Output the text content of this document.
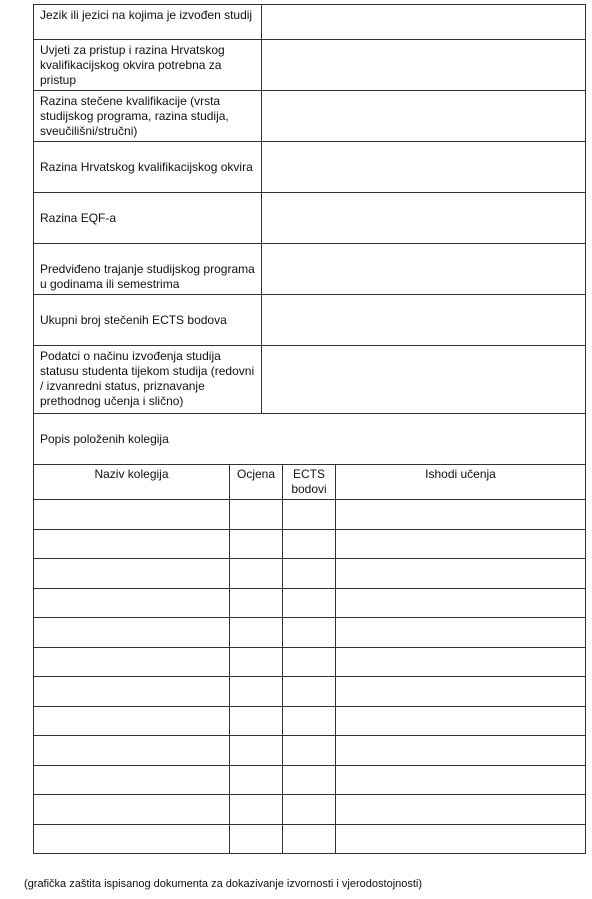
Jezik ili jezici na kojima je izvođen studij
Uvjeti za pristup i razina Hrvatskog kvalifikacijskog okvira potrebna za pristup
Razina stečene kvalifikacije (vrsta studijskog programa, razina studija, sveučilišni/stručni)
Razina Hrvatskog kvalifikacijskog okvira
Razina EQF-a
Predviđeno trajanje studijskog programa u godinama ili semestrima
Ukupni broj stečenih ECTS bodova
Podatci o načinu izvođenja studija statusu studenta tijekom studija (redovni / izvanredni status, priznavanje prethodnog učenja i slično)
Popis položenih kolegija
Naziv kolegija	Ocjena	ECTS bodovi
Ishodi učenja
(grafička zaštita ispisanog dokumenta za dokazivanje izvornosti i vjerodostojnosti)
